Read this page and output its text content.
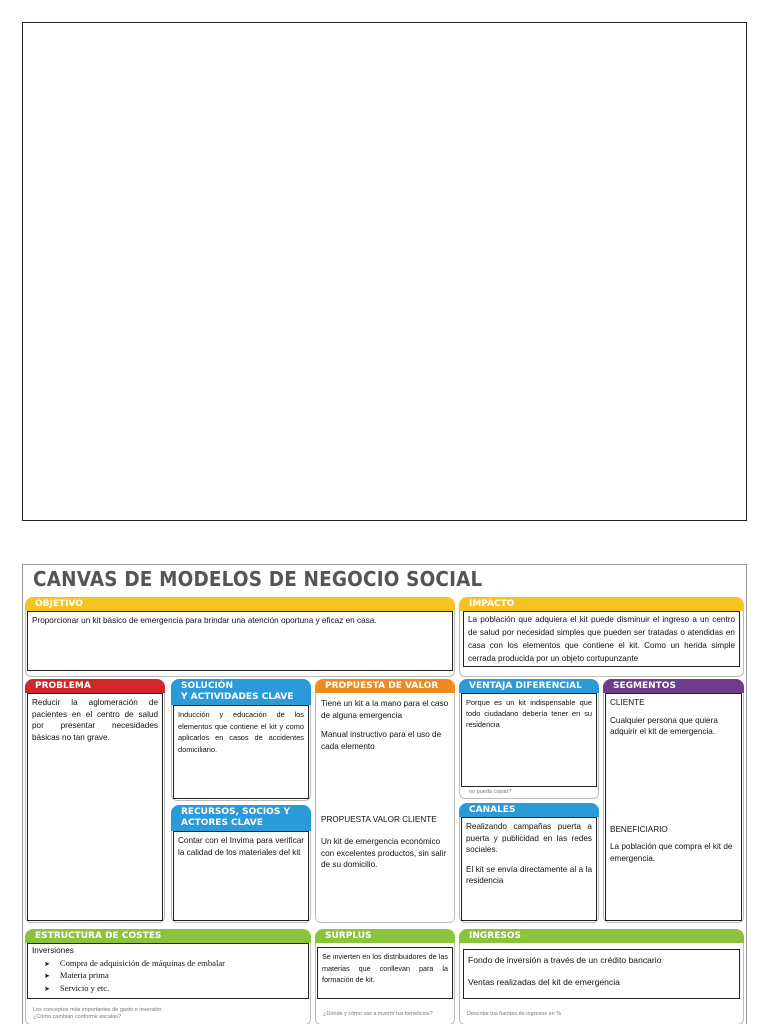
CANVAS DE MODELOS DE NEGOCIO SOCIAL
OBJETIVO

Proporcionar un kit básico de emergencia para brindar una atención oportuna y eficaz en casa.

IMPACTO

La población que adquiera el kit puede disminuir el ingreso a un centro de salud por necesidad simples que pueden ser tratadas o atendidas en casa con los elementos que contiene el kit. Como un herida simple cerrada producida por un objeto cortupunzante

PROBLEMA

Reducir la aglomeración de pacientes en el centro de salud por presentar necesidades básicas no tan grave.

SOLUCIÓN
Y ACTIVIDADES CLAVE

Inducción y educación de los elementos que contiene el kit y como aplicarlos en casos de accidentes domiciliario.

RECURSOS, SOCIOS Y
ACTORES CLAVE

Contar con el Invima para verificar la calidad de los materiales del kit

PROPUESTA DE VALOR

Tiene un kit a la mano para el caso de alguna emergencia

Manual instructivo para el uso de cada elemento

PROPUESTA VALOR CLIENTE

Un kit de emergencia económico con excelentes productos, sin salir de su domicilio.

VENTAJA DIFERENCIAL

Porque es un kit indispensable que todo ciudadano debería tener en su residencia

no pueda copiar?
CANALES

Realizando campañas puerta a puerta y publicidad en las redes sociales.

El kit se envía directamente al a la residencia

SEGMENTOS
CLIENTE

Cualquier persona que quiera adquirir el kit de emergencia.

BENEFICIARIO

La población que compra el kit de emergencia.

ESTRUCTURA DE COSTES
Inversiones
➤ Compra de adquisición de máquinas de embalar
➤ Materia prima
➤ Servicio y etc.
Los conceptos más importantes de gasto e inversión
¿Cómo cambian conforme escalas?
SURPLUS

Se invierten en los distribuidores de las materias que conllevan para la formación de kit.

¿Dónde y cómo vas a invertir tus beneficios?
INGRESOS

Fondo de inversión a través de un crédito bancario

Ventas realizadas del kit de emergencia

Describe tus fuentes de ingresos en %
